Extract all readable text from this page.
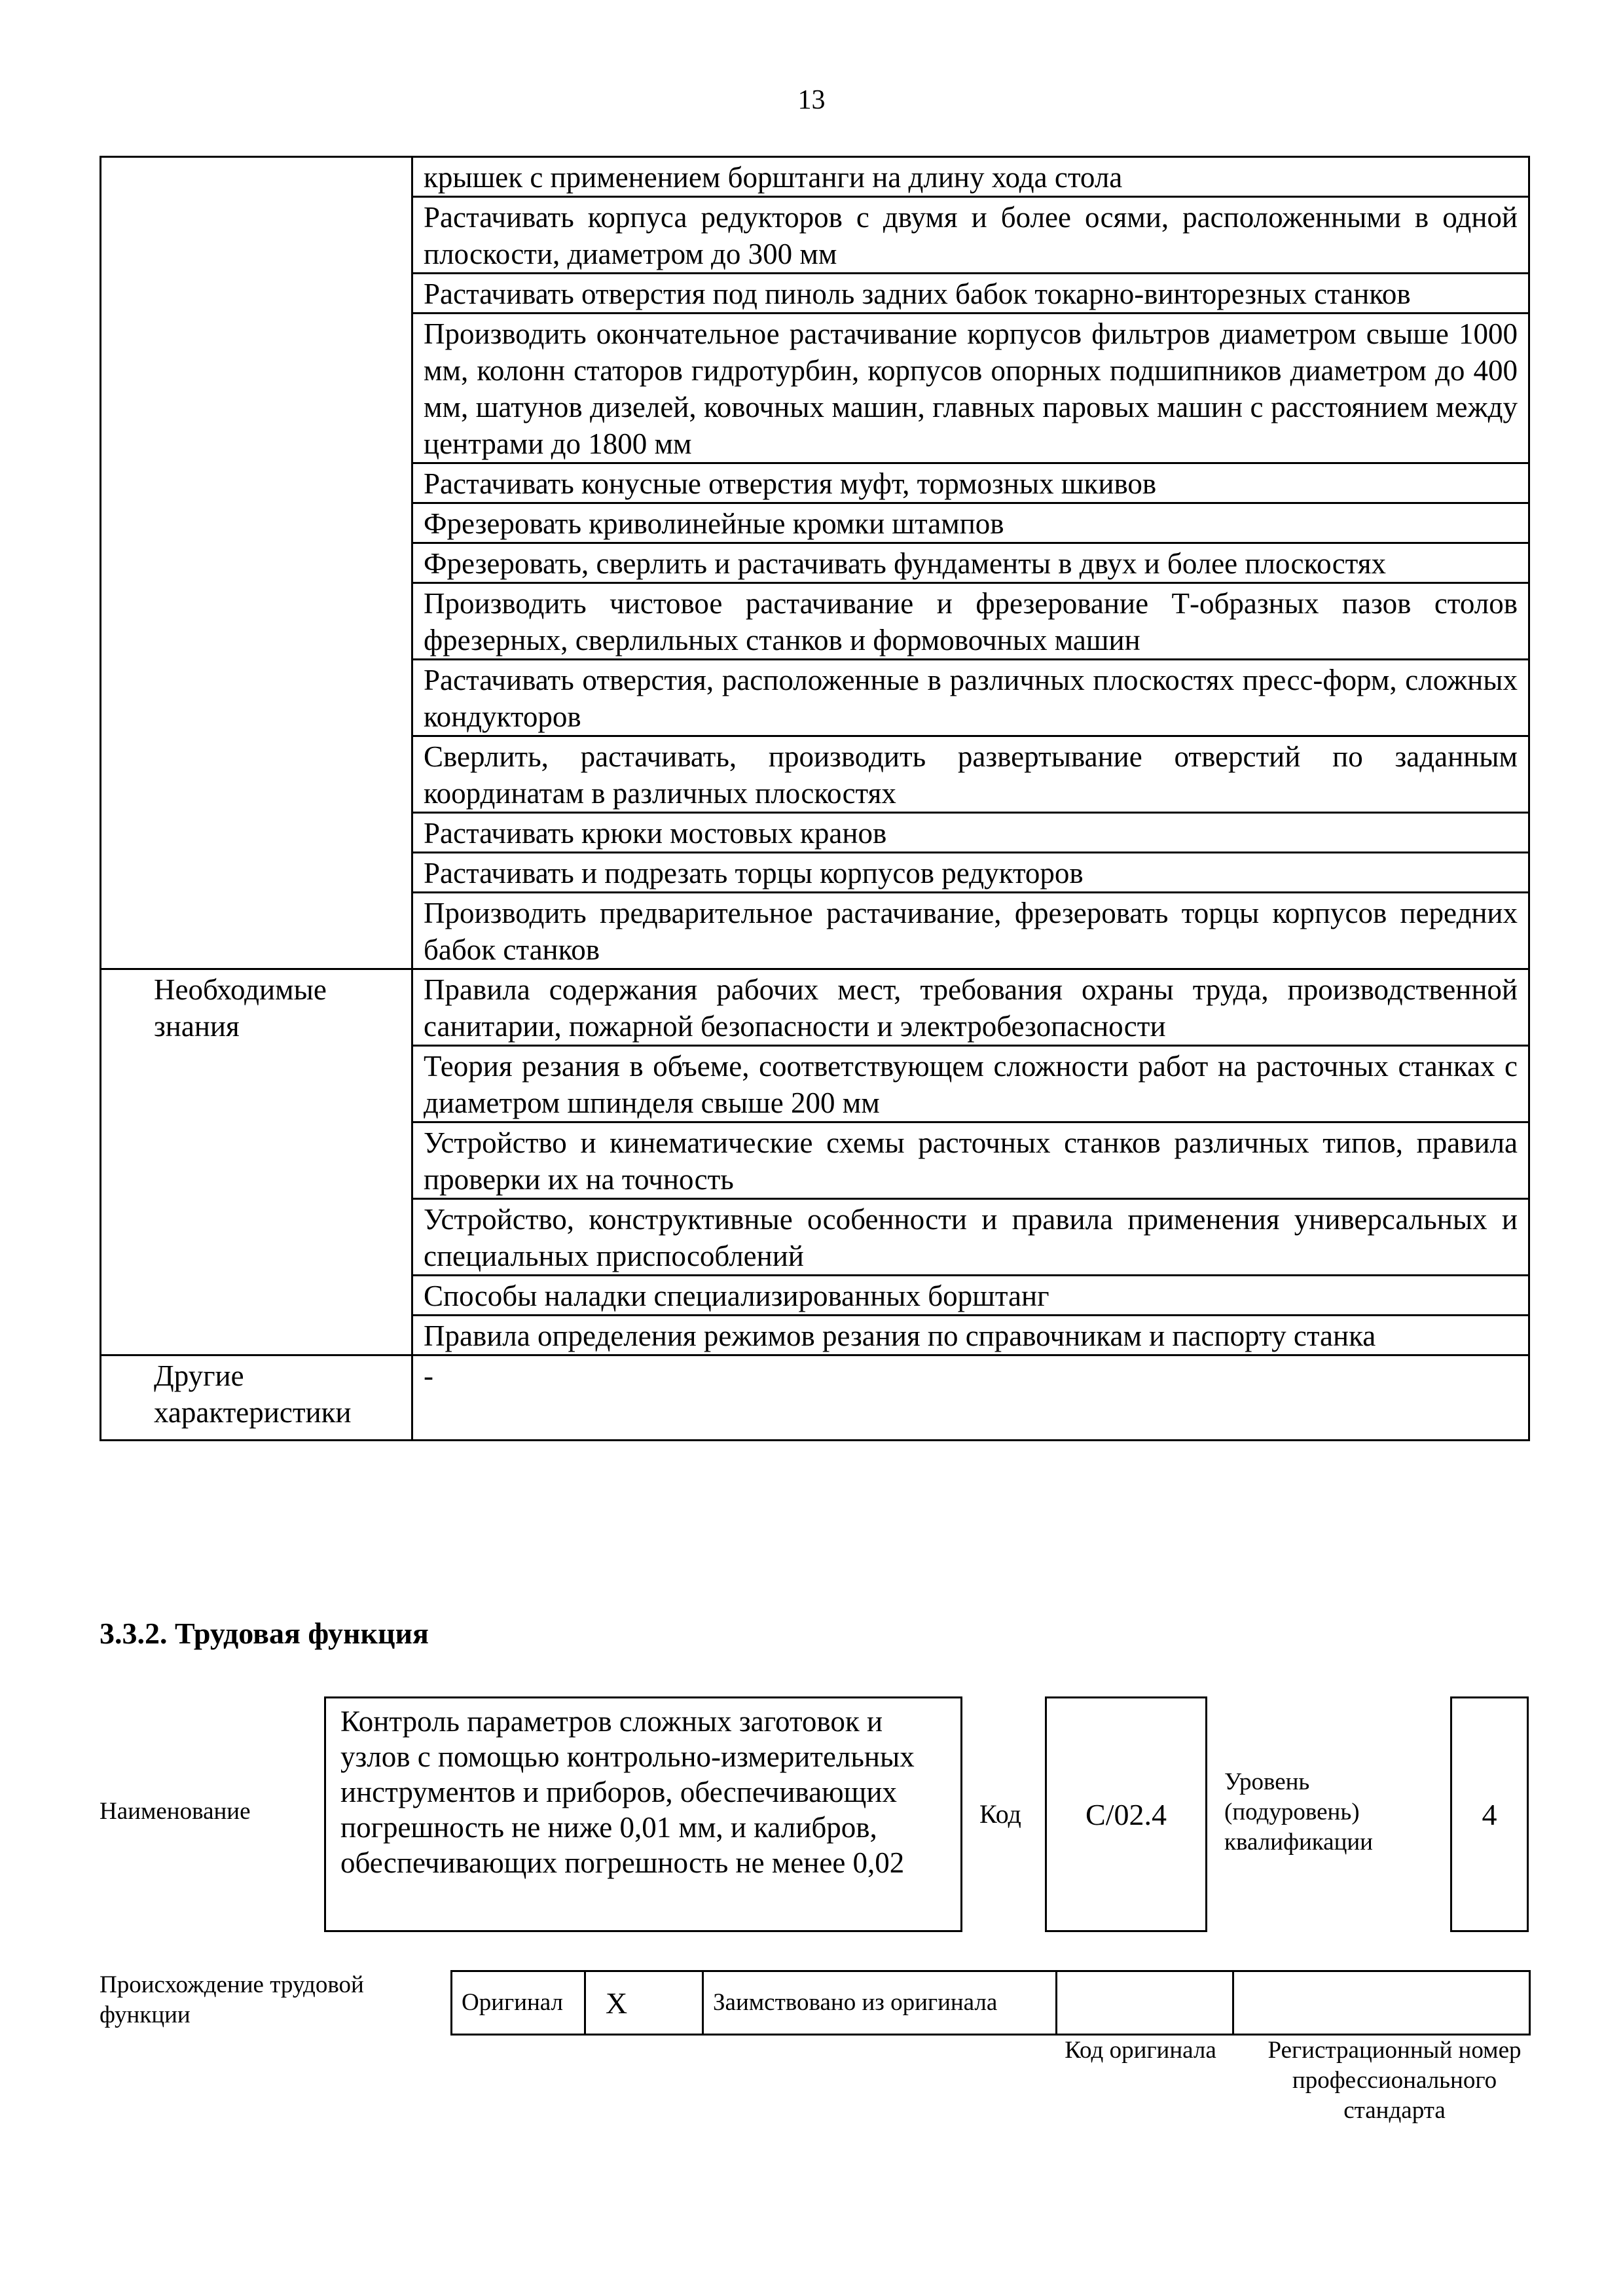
13
	крышек с применением борштанги на длину хода стола
	Растачивать корпуса редукторов с двумя и более осями, расположенными в одной плоскости, диаметром до 300 мм
	Растачивать отверстия под пиноль задних бабок токарно-винторезных станков
	Производить окончательное растачивание корпусов фильтров диаметром свыше 1000 мм, колонн статоров гидротурбин, корпусов опорных подшипников диаметром до 400 мм, шатунов дизелей, ковочных машин, главных паровых машин с расстоянием между центрами до 1800 мм
	Растачивать конусные отверстия муфт, тормозных шкивов
	Фрезеровать криволинейные кромки штампов
	Фрезеровать, сверлить и растачивать фундаменты в двух и более плоскостях
	Производить чистовое растачивание и фрезерование Т-образных пазов столов фрезерных, сверлильных станков и формовочных машин
	Растачивать отверстия, расположенные в различных плоскостях пресс-форм, сложных кондукторов
	Сверлить, растачивать, производить развертывание отверстий по заданным координатам в различных плоскостях
	Растачивать крюки мостовых кранов
	Растачивать и подрезать торцы корпусов редукторов
	Производить предварительное растачивание, фрезеровать торцы корпусов передних бабок станков
Необходимые знания	Правила содержания рабочих мест, требования охраны труда, производственной санитарии, пожарной безопасности и электробезопасности
	Теория резания в объеме, соответствующем сложности работ на расточных станках с диаметром шпинделя свыше 200 мм
	Устройство и кинематические схемы расточных станков различных типов, правила проверки их на точность
	Устройство, конструктивные особенности и правила применения универсальных и специальных приспособлений
	Способы наладки специализированных борштанг
	Правила определения режимов резания по справочникам и паспорту станка
Другие характеристики	-
3.3.2. Трудовая функция
Наименование
Контроль параметров сложных заготовок и узлов с помощью контрольно-измерительных инструментов и приборов, обеспечивающих погрешность не ниже 0,01 мм, и калибров, обеспечивающих погрешность не менее 0,02
Код C/02.4
Уровень (подуровень) квалификации
4
Происхождение трудовой функции	Оригинал	X	Заимствовано из оригинала		
Код оригинала	Регистрационный номер профессионального стандарта
